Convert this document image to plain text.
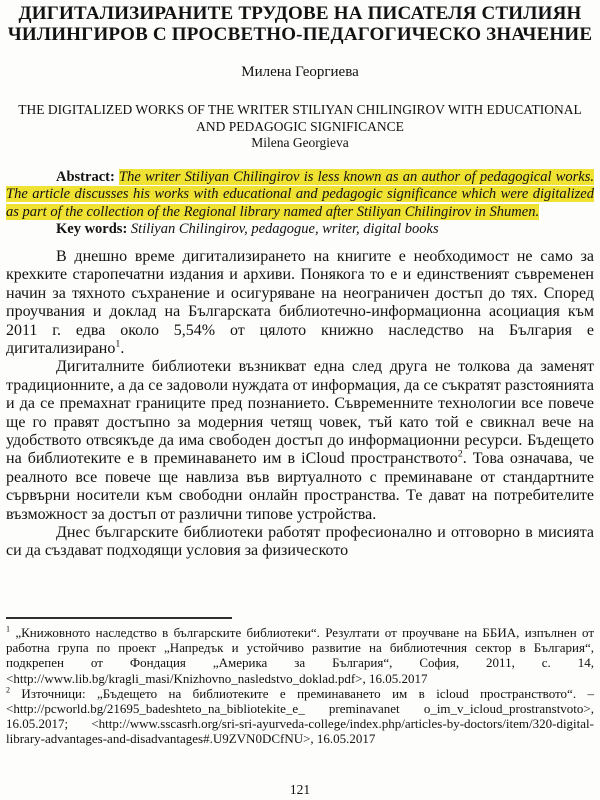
ДИГИТАЛИЗИРАНИТЕ ТРУДОВЕ НА ПИСАТЕЛЯ СТИЛИЯН ЧИЛИНГИРОВ С ПРОСВЕТНО-ПЕДАГОГИЧЕСКО ЗНАЧЕНИЕ
Милена Георгиева
THE DIGITALIZED WORKS OF THE WRITER STILIYAN CHILINGIROV WITH EDUCATIONAL AND PEDAGOGIC SIGNIFICANCE
Milena Georgieva

Abstract: The writer Stiliyan Chilingirov is less known as an author of pedagogical works. The article discusses his works with educational and pedagogic significance which were digitalized as part of the collection of the Regional library named after Stiliyan Chilingirov in Shumen.

Key words: Stiliyan Chilingirov, pedagogue, writer, digital books

В днешно време дигитализирането на книгите е необходимост не само за крехките старопечатни издания и архиви. Понякога то е и единственият съвременен начин за тяхното съхранение и осигуряване на неограничен достъп до тях. Според проучвания и доклад на Българската библиотечно-информационна асоциация към 2011 г. едва около 5,54% от цялото книжно наследство на България е дигитализирано$^1$.

Дигиталните библиотеки възникват една след друга не толкова да заменят традиционните, а да се задоволи нуждата от информация, да се съкратят разстоянията и да се премахнат границите пред познанието. Съвременните технологии все повече ще го правят достъпно за модерния четящ човек, тъй като той е свикнал вече на удобството отвсякъде да има свободен достъп до информационни ресурси. Бъдещето на библиотеките е в преминаването им в iCloud пространството$^2$. Това означава, че реалното все повече ще навлиза във виртуалното с преминаване от стандартните сървърни носители към свободни онлайн пространства. Те дават на потребителите възможност за достъп от различни типове устройства.

Днес българските библиотеки работят професионално и отговорно в мисията си да създават подходящи условия за физическото

$^1$ „Книжовното наследство в българските библиотеки“. Резултати от проучване на ББИА, изпълнен от работна група по проект „Напредък и устойчиво развитие на библиотечния сектор в България“, подкрепен от Фондация „Америка за България“, София, 2011, с. 14, <http://www.lib.bg/kragli_masi/Knizhovno_nasledstvo_doklad.pdf>, 16.05.2017

$^2$ Източници: „Бъдещето на библиотеките е преминаването им в icloud пространството“. – <http://pcworld.bg/21695_badeshteto_na_bibliotekite_e_ preminavanet o_im_v_icloud_prostranstvoto>, 16.05.2017; <http://www.sscasrh.org/sri-sri-ayurveda-college/index.php/articles-by-doctors/item/320-digital-library-advantages-and-disadvantages#.U9ZVN0DCfNU>, 16.05.2017

121
